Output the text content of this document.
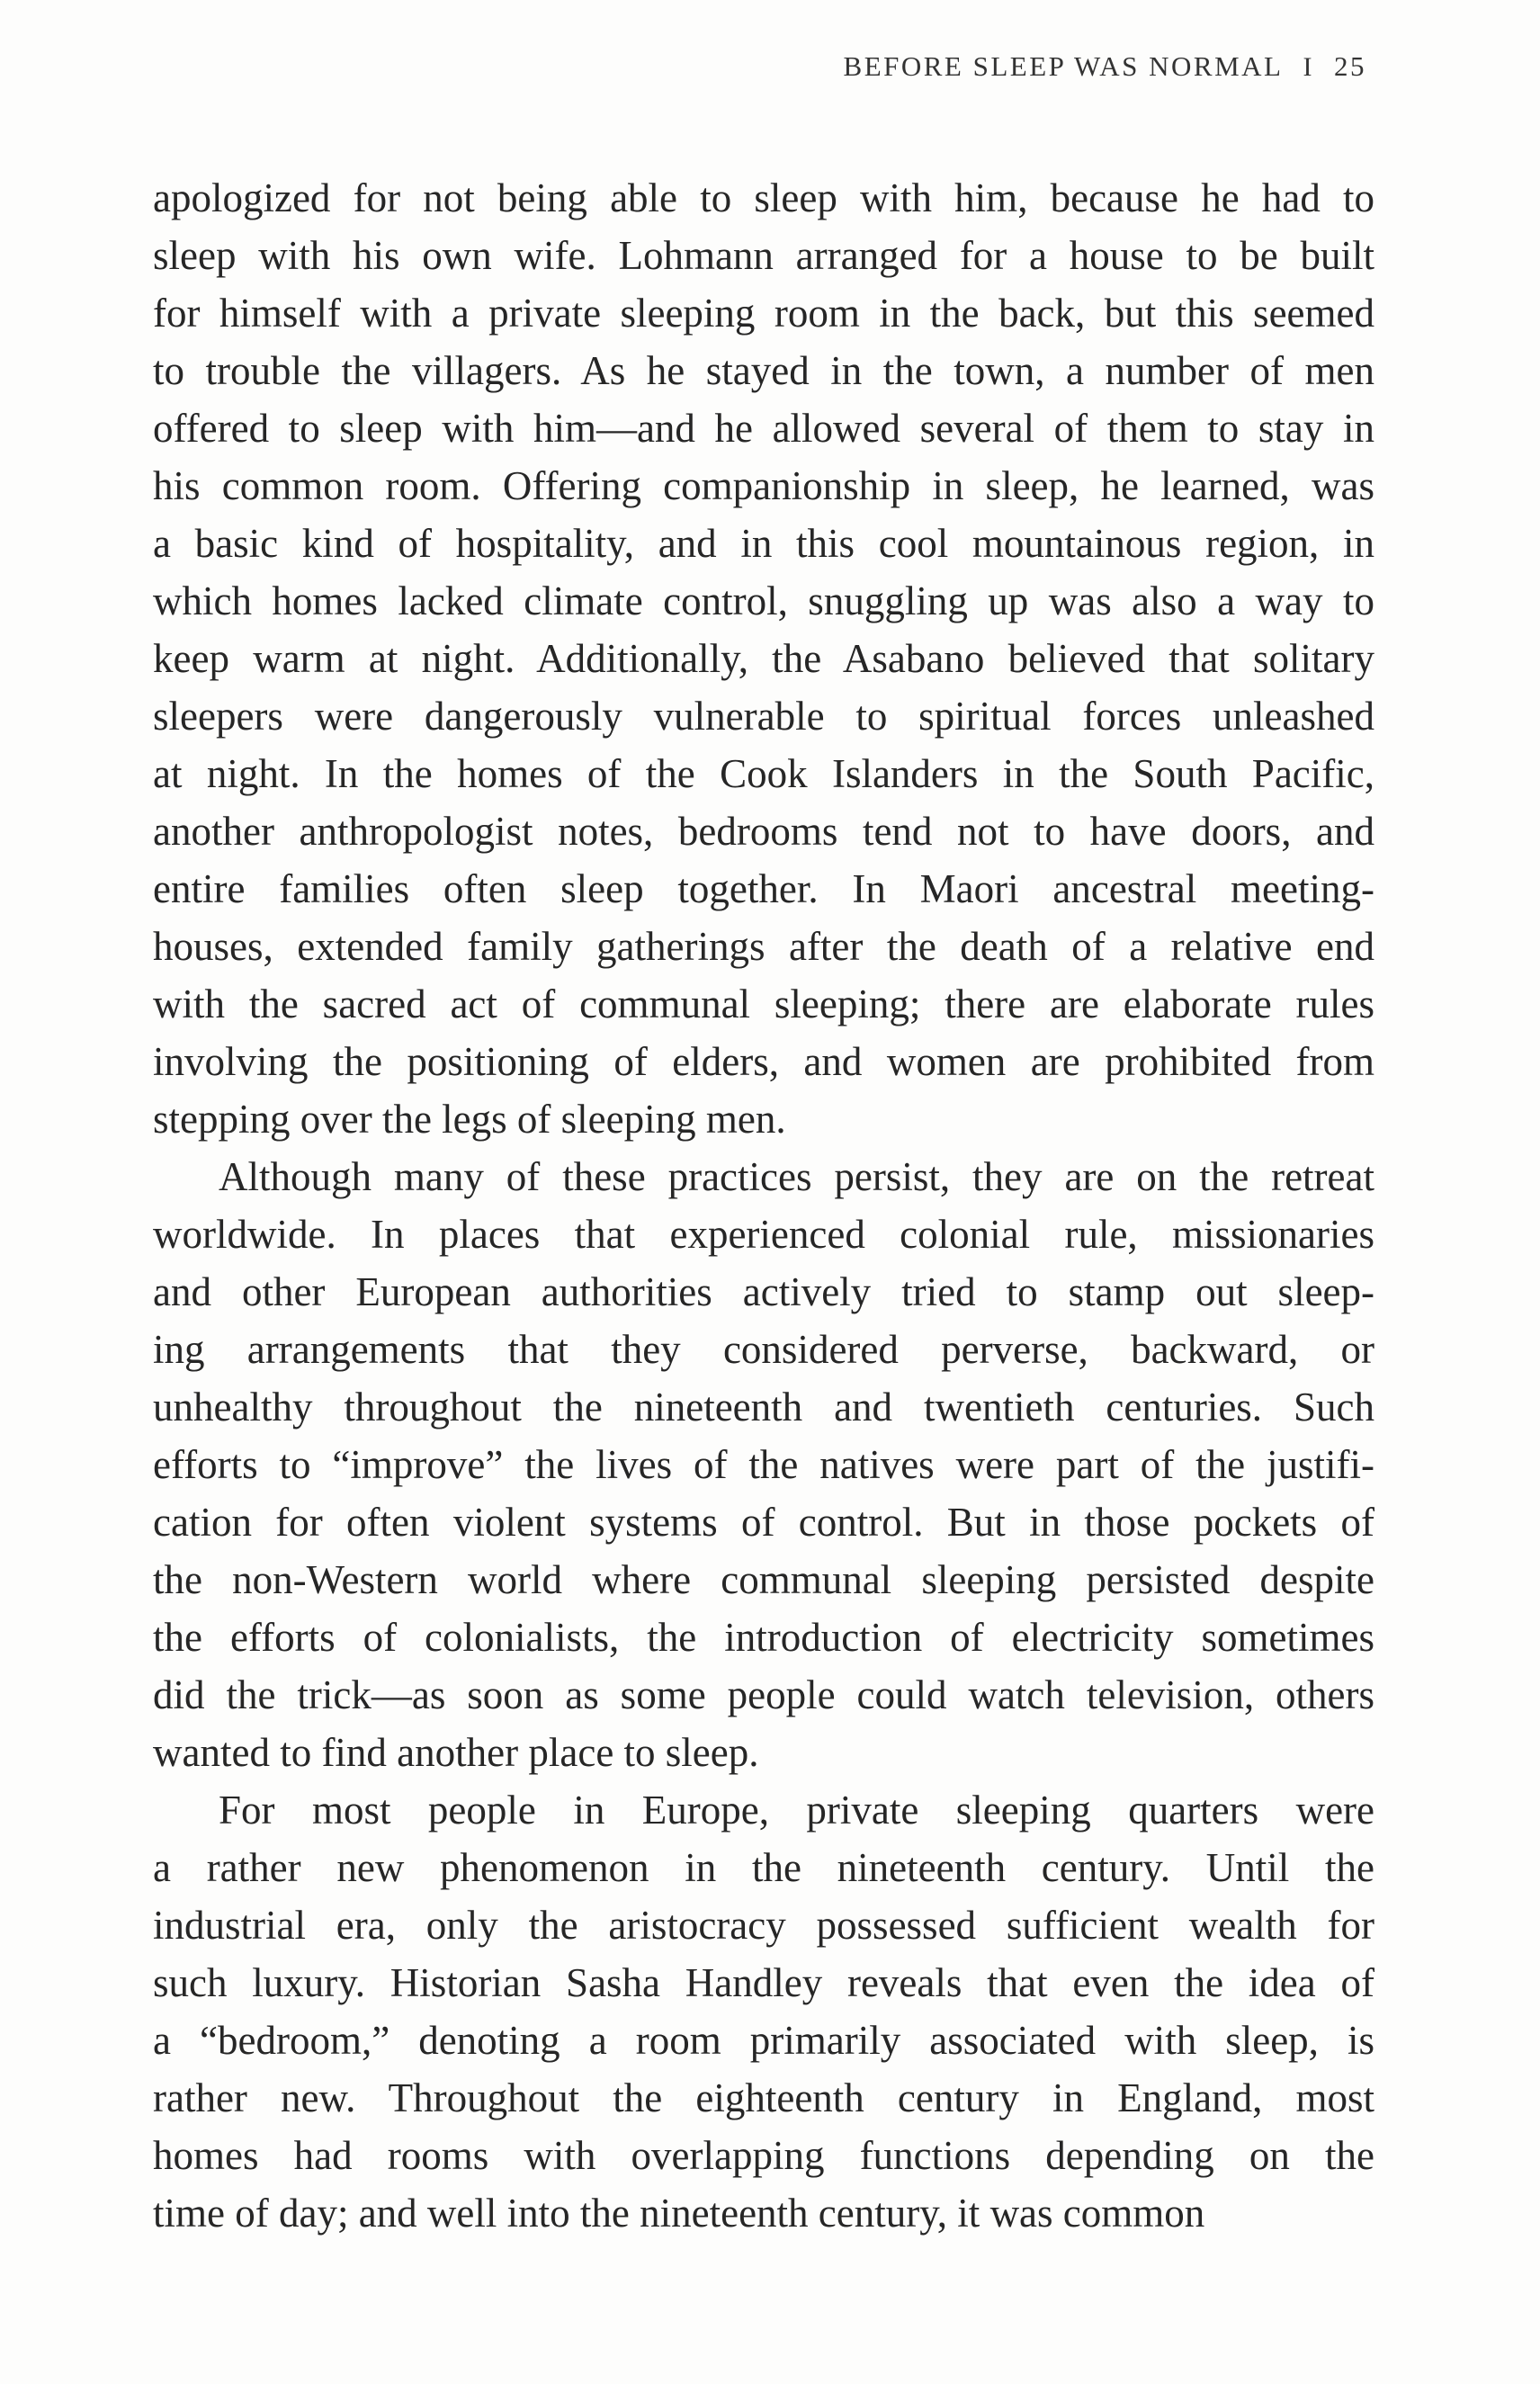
BEFORE SLEEP WAS NORMAL I 25
apologized for not being able to sleep with him, because he had to
sleep with his own wife. Lohmann arranged for a house to be built
for himself with a private sleeping room in the back, but this seemed
to trouble the villagers. As he stayed in the town, a number of men
offered to sleep with him—and he allowed several of them to stay in
his common room. Offering companionship in sleep, he learned, was
a basic kind of hospitality, and in this cool mountainous region, in
which homes lacked climate control, snuggling up was also a way to
keep warm at night. Additionally, the Asabano believed that solitary
sleepers were dangerously vulnerable to spiritual forces unleashed
at night. In the homes of the Cook Islanders in the South Pacific,
another anthropologist notes, bedrooms tend not to have doors, and
entire families often sleep together. In Maori ancestral meeting-
houses, extended family gatherings after the death of a relative end
with the sacred act of communal sleeping; there are elaborate rules
involving the positioning of elders, and women are prohibited from
stepping over the legs of sleeping men.
Although many of these practices persist, they are on the retreat
worldwide. In places that experienced colonial rule, missionaries
and other European authorities actively tried to stamp out sleep-
ing arrangements that they considered perverse, backward, or
unhealthy throughout the nineteenth and twentieth centuries. Such
efforts to “improve” the lives of the natives were part of the justifi-
cation for often violent systems of control. But in those pockets of
the non-Western world where communal sleeping persisted despite
the efforts of colonialists, the introduction of electricity sometimes
did the trick—as soon as some people could watch television, others
wanted to find another place to sleep.
For most people in Europe, private sleeping quarters were
a rather new phenomenon in the nineteenth century. Until the
industrial era, only the aristocracy possessed sufficient wealth for
such luxury. Historian Sasha Handley reveals that even the idea of
a “bedroom,” denoting a room primarily associated with sleep, is
rather new. Throughout the eighteenth century in England, most
homes had rooms with overlapping functions depending on the
time of day; and well into the nineteenth century, it was common
